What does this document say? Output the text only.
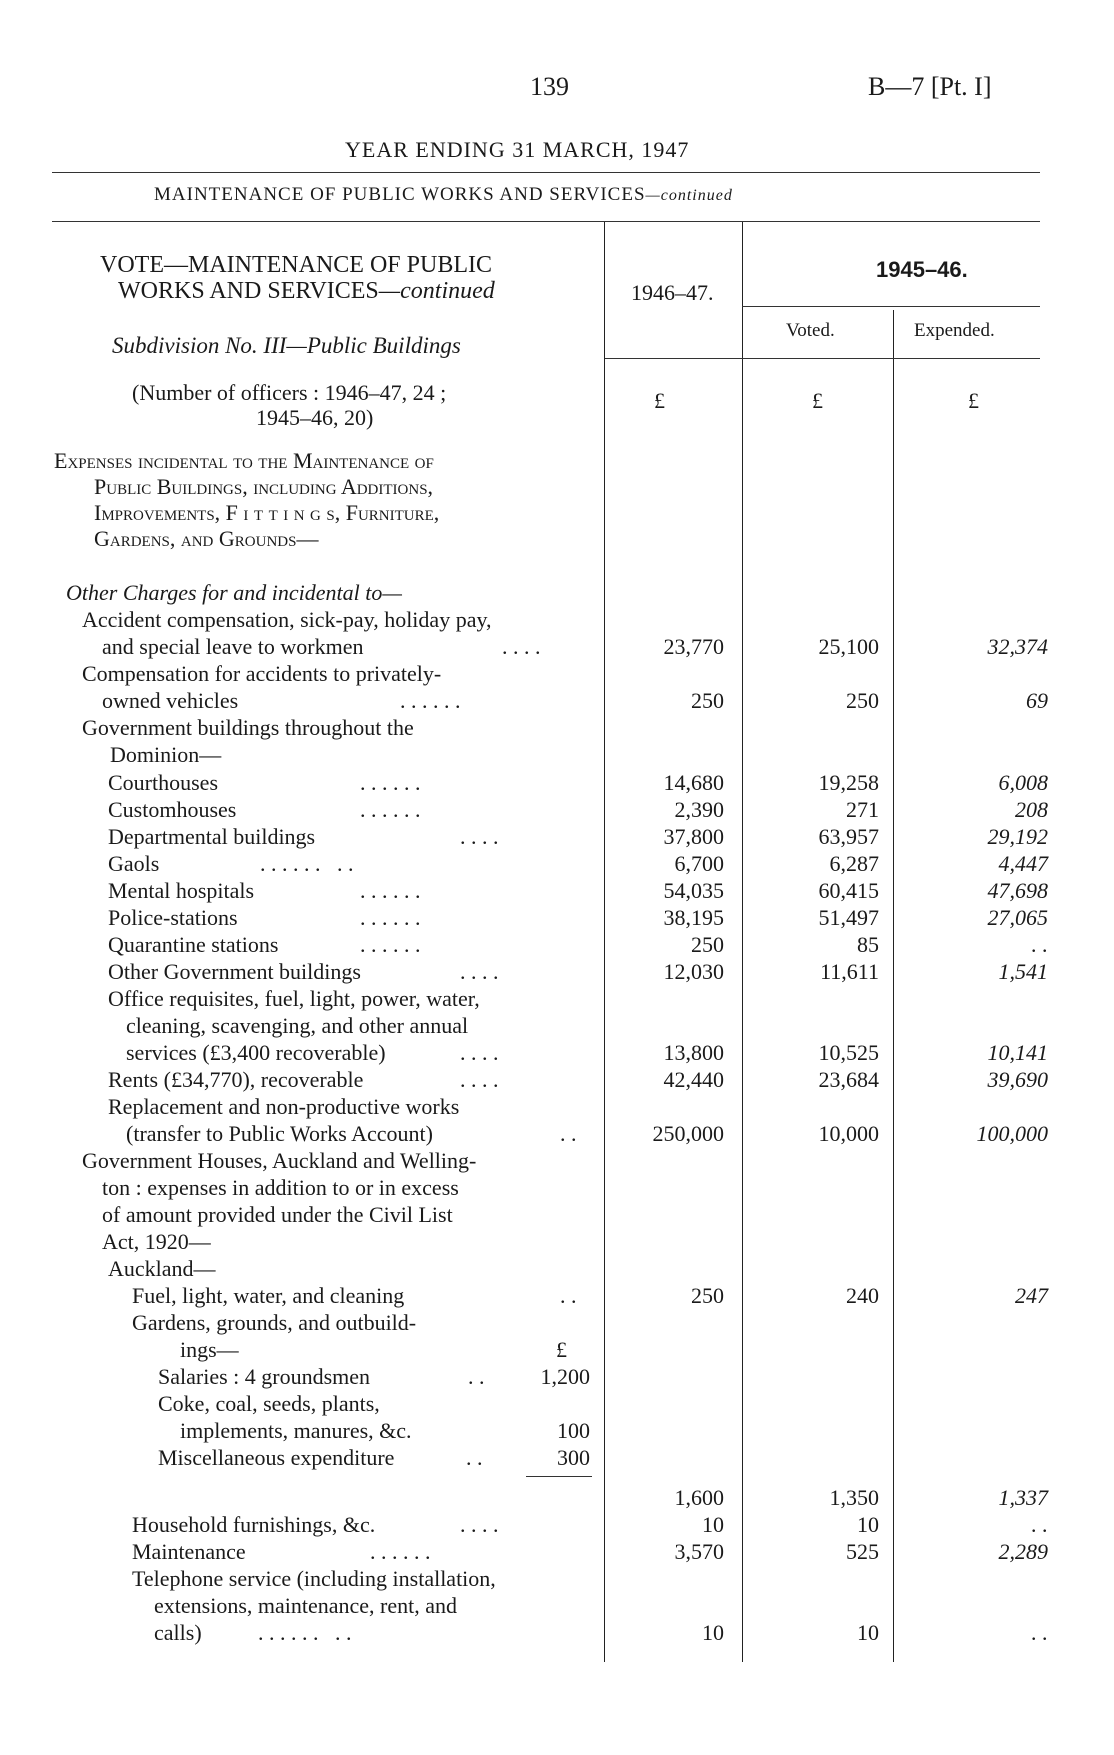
139	B—7 [Pt. I]
YEAR ENDING 31 MARCH, 1947
MAINTENANCE OF PUBLIC WORKS AND SERVICES—continued
1946–47.
1945–46.
Voted.	Expended.
£	£	£
VOTE—MAINTENANCE OF PUBLIC
WORKS AND SERVICES—continued
Subdivision No. III—Public Buildings
(Number of officers : 1946–47, 24 ;
1945–46, 20)
Expenses incidental to the Maintenance of
Public Buildings, including Additions,
Improvements, F i t t i n g s, Furniture,
Gardens, and Grounds—
Other Charges for and incidental to—
Accident compensation, sick-pay, holiday pay,
and special leave to workmen	. . . .	23,770	25,100	32,374
Compensation for accidents to privately-
owned vehicles	. . . . . .	250	250	69
Government buildings throughout the
Dominion—
Courthouses	. . . . . .	14,680	19,258	6,008
Customhouses	. . . . . .	2,390	271	208
Departmental buildings	. . . .	37,800	63,957	29,192
Gaols	. . . . . . . .	6,700	6,287	4,447
Mental hospitals	. . . . . .	54,035	60,415	47,698
Police-stations	. . . . . .	38,195	51,497	27,065
Quarantine stations	. . . . . .	250	85	. .
Other Government buildings	. . . .	12,030	11,611	1,541
Office requisites, fuel, light, power, water,
cleaning, scavenging, and other annual
services (£3,400 recoverable)	. . . .	13,800	10,525	10,141
Rents (£34,770), recoverable	. . . .	42,440	23,684	39,690
Replacement and non-productive works
(transfer to Public Works Account)	. .	250,000	10,000	100,000
Government Houses, Auckland and Welling-
ton : expenses in addition to or in excess
of amount provided under the Civil List
Act, 1920—
Auckland—
Fuel, light, water, and cleaning	. .	250	240	247
Gardens, grounds, and outbuild-
ings—	£
Salaries : 4 groundsmen	. .	1,200
Coke, coal, seeds, plants,
implements, manures, &c.	100
Miscellaneous expenditure	. .	300
1,600	1,350	1,337
Household furnishings, &c.	. . . .	10	10	. .
Maintenance	. . . . . .	3,570	525	2,289
Telephone service (including installation,
extensions, maintenance, rent, and
calls)	. . . . . . . .	10	10	. .
